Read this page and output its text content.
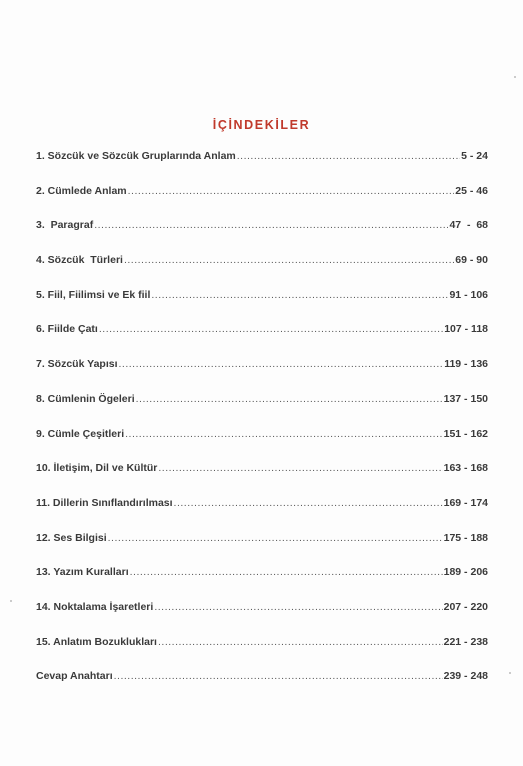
İÇİNDEKİLER
1. Sözcük ve Sözcük Gruplarında Anlam .....	5 - 24
2. Cümlede Anlam .....	25 - 46
3.  Paragraf .....	47  -  68
4. Sözcük  Türleri .....	69 - 90
5. Fiil, Fiilimsi ve Ek fiil .....	91 - 106
6. Fiilde Çatı .....	107 - 118
7. Sözcük Yapısı .....	119 - 136
8. Cümlenin Ögeleri .....	137 - 150
9. Cümle Çeşitleri .....	151 - 162
10. İletişim, Dil ve Kültür .....	163 - 168
11. Dillerin Sınıflandırılması .....	169 - 174
12. Ses Bilgisi .....	175 - 188
13. Yazım Kuralları .....	189 - 206
14. Noktalama İşaretleri .....	207 - 220
15. Anlatım Bozuklukları .....	221 - 238
Cevap Anahtarı .....	239 - 248
